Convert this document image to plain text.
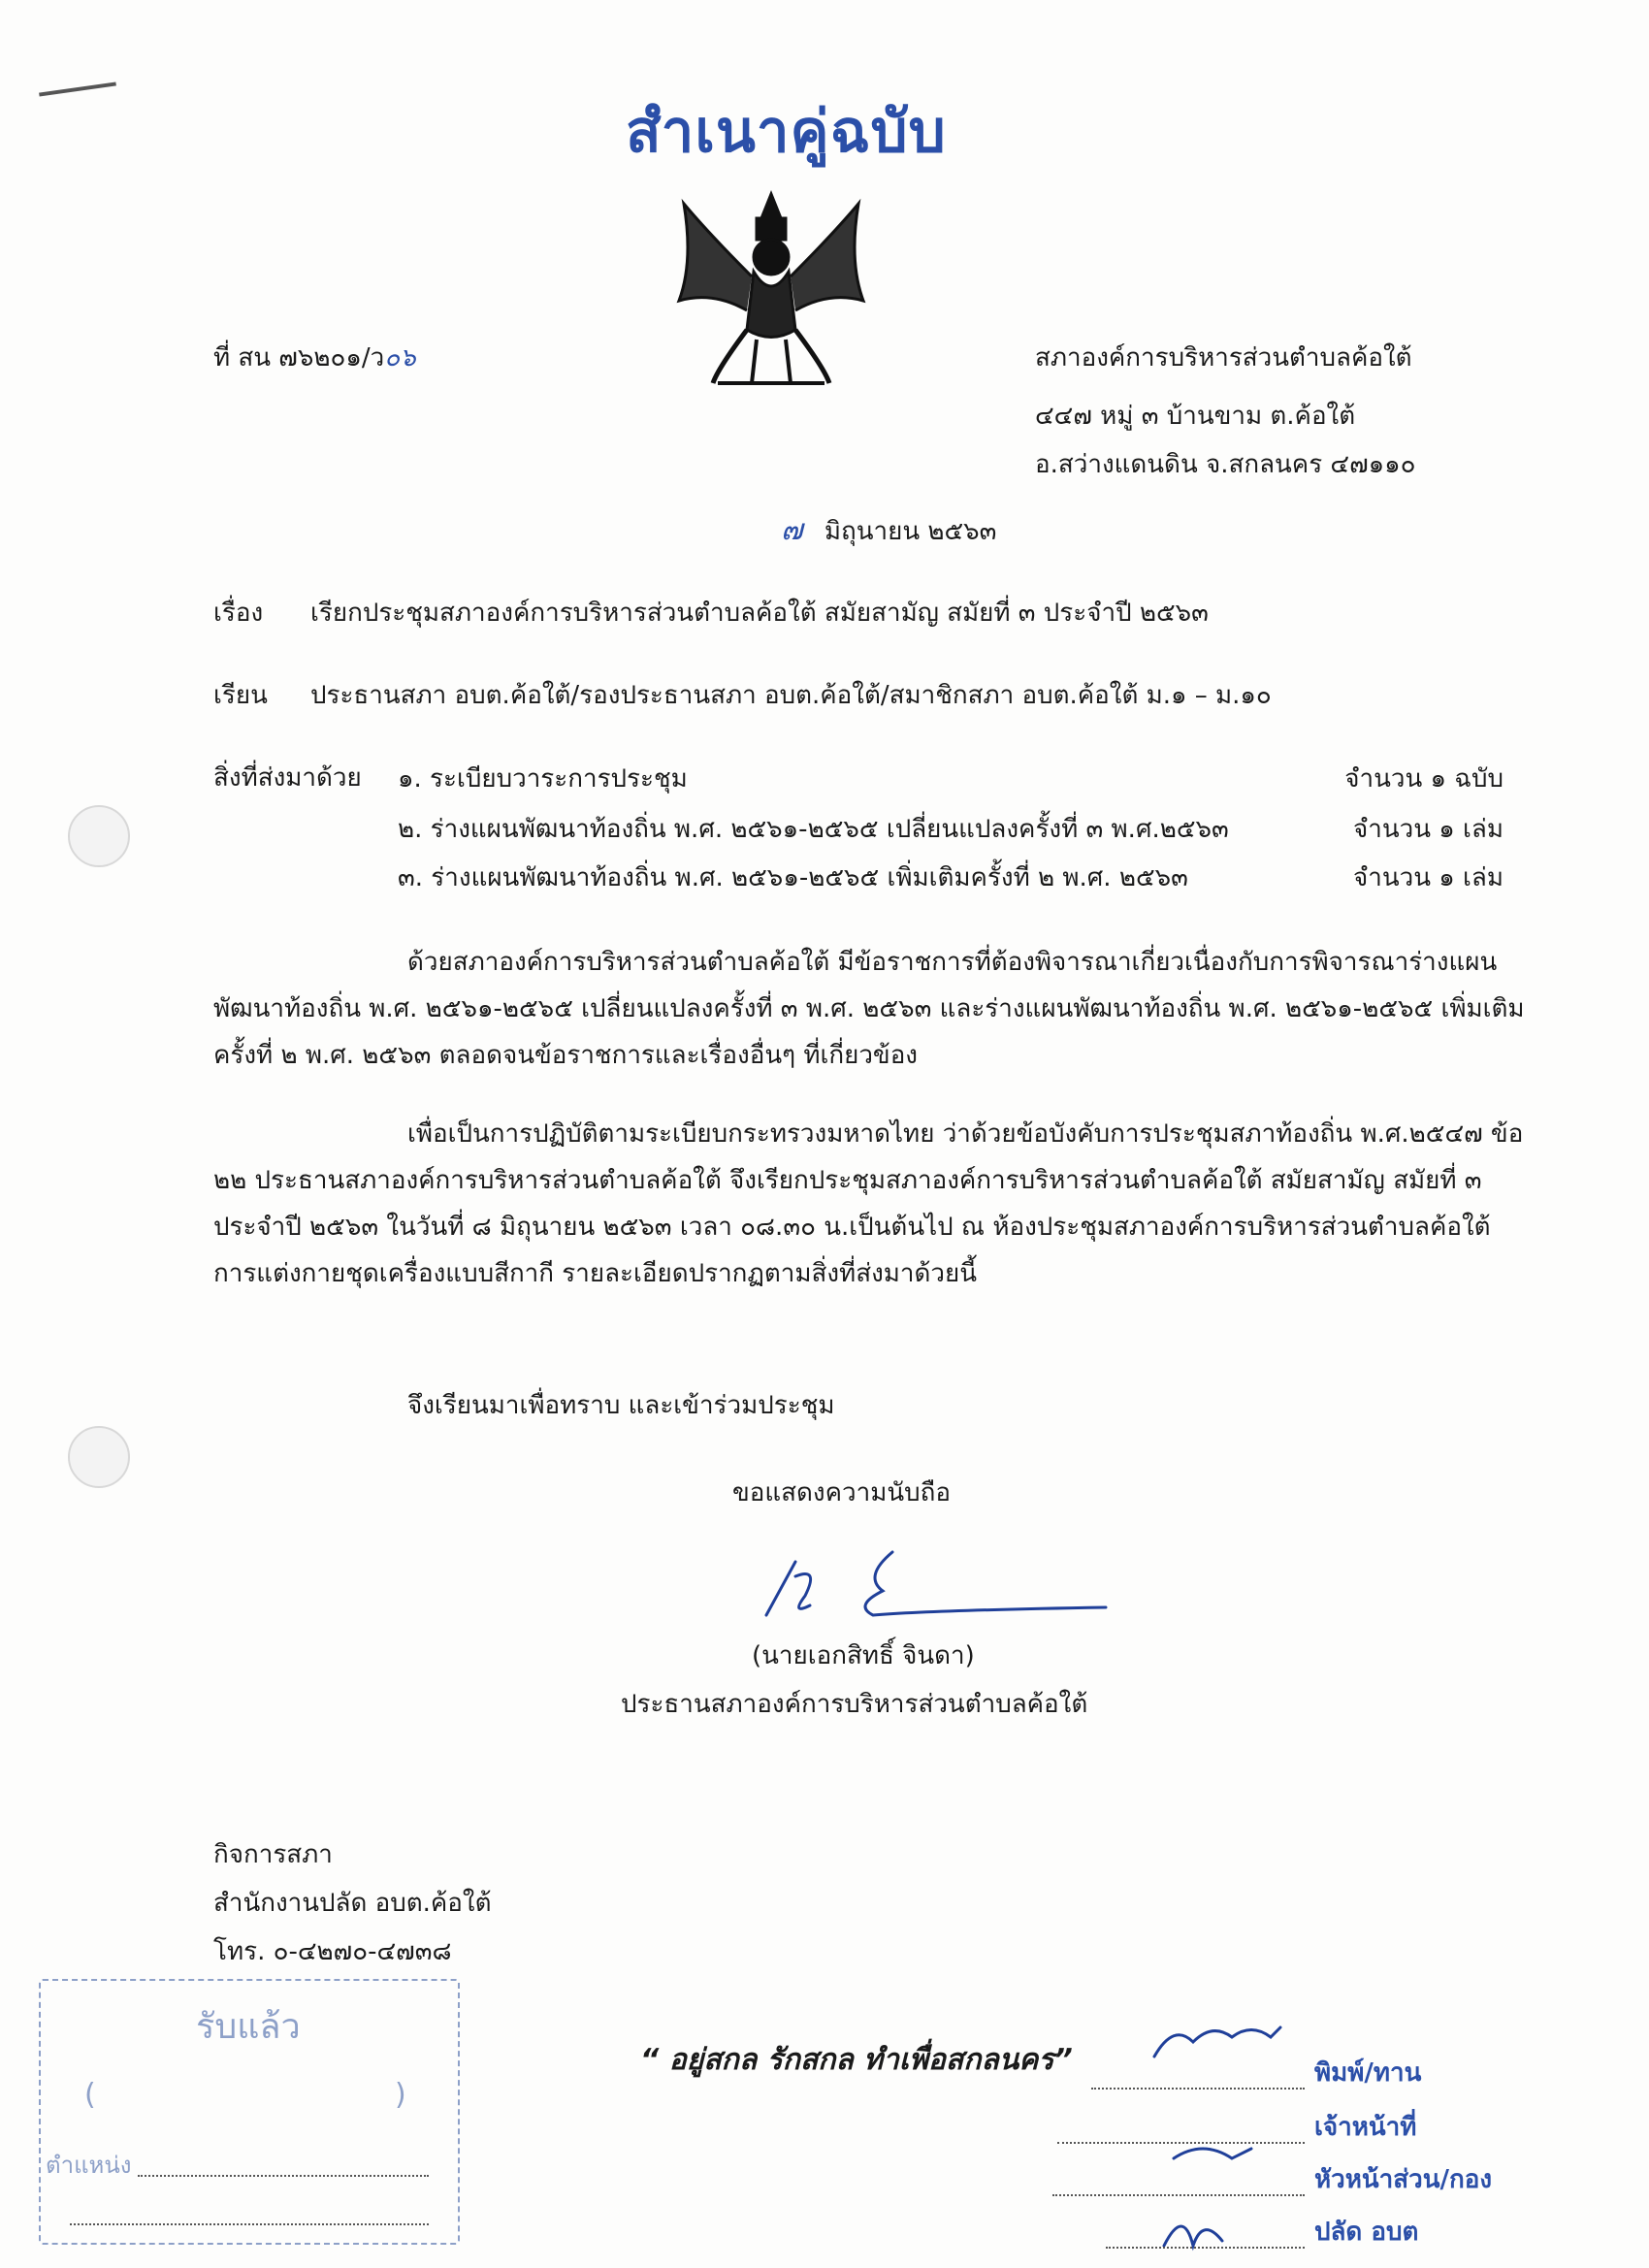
สำเนาคู่ฉบับ
ที่ สน ๗๖๒๐๑/ว๐๖	สภาองค์การบริหารส่วนตำบลค้อใต้
๔๔๗ หมู่ ๓ บ้านขาม ต.ค้อใต้
อ.สว่างแดนดิน จ.สกลนคร ๔๗๑๑๐
๗ มิถุนายน ๒๕๖๓
เรื่อง เรียกประชุมสภาองค์การบริหารส่วนตำบลค้อใต้ สมัยสามัญ สมัยที่ ๓ ประจำปี ๒๕๖๓
เรียน ประธานสภา อบต.ค้อใต้/รองประธานสภา อบต.ค้อใต้/สมาชิกสภา อบต.ค้อใต้ ม.๑ – ม.๑๐
สิ่งที่ส่งมาด้วย ๑. ระเบียบวาระการประชุม	จำนวน ๑ ฉบับ
๒. ร่างแผนพัฒนาท้องถิ่น พ.ศ. ๒๕๖๑-๒๕๖๕ เปลี่ยนแปลงครั้งที่ ๓ พ.ศ.๒๕๖๓	จำนวน ๑ เล่ม
๓. ร่างแผนพัฒนาท้องถิ่น พ.ศ. ๒๕๖๑-๒๕๖๕ เพิ่มเติมครั้งที่ ๒ พ.ศ. ๒๕๖๓	จำนวน ๑ เล่ม
ด้วยสภาองค์การบริหารส่วนตำบลค้อใต้ มีข้อราชการที่ต้องพิจารณาเกี่ยวเนื่องกับการพิจารณาร่างแผนพัฒนาท้องถิ่น พ.ศ. ๒๕๖๑-๒๕๖๕ เปลี่ยนแปลงครั้งที่ ๓ พ.ศ. ๒๕๖๓ และร่างแผนพัฒนาท้องถิ่น พ.ศ. ๒๕๖๑-๒๕๖๕ เพิ่มเติมครั้งที่ ๒ พ.ศ. ๒๕๖๓ ตลอดจนข้อราชการและเรื่องอื่นๆ ที่เกี่ยวข้อง
เพื่อเป็นการปฏิบัติตามระเบียบกระทรวงมหาดไทย ว่าด้วยข้อบังคับการประชุมสภาท้องถิ่น พ.ศ.๒๕๔๗ ข้อ ๒๒ ประธานสภาองค์การบริหารส่วนตำบลค้อใต้ จึงเรียกประชุมสภาองค์การบริหารส่วนตำบลค้อใต้ สมัยสามัญ สมัยที่ ๓ ประจำปี ๒๕๖๓ ในวันที่ ๘ มิถุนายน ๒๕๖๓ เวลา ๐๘.๓๐ น.เป็นต้นไป ณ ห้องประชุมสภาองค์การบริหารส่วนตำบลค้อใต้ การแต่งกายชุดเครื่องแบบสีกากี รายละเอียดปรากฏตามสิ่งที่ส่งมาด้วยนี้
จึงเรียนมาเพื่อทราบ และเข้าร่วมประชุม
ขอแสดงความนับถือ
(นายเอกสิทธิ์ จินดา)
ประธานสภาองค์การบริหารส่วนตำบลค้อใต้
กิจการสภา
สำนักงานปลัด อบต.ค้อใต้
โทร. ๐-๔๒๗๐-๔๗๓๘
รับแล้ว
(	)
ตำแหน่ง
“ อยู่สกล รักสกล ทำเพื่อสกลนคร”	พิมพ์/ทาน
เจ้าหน้าที่
หัวหน้าส่วน/กอง
ปลัด อบต
